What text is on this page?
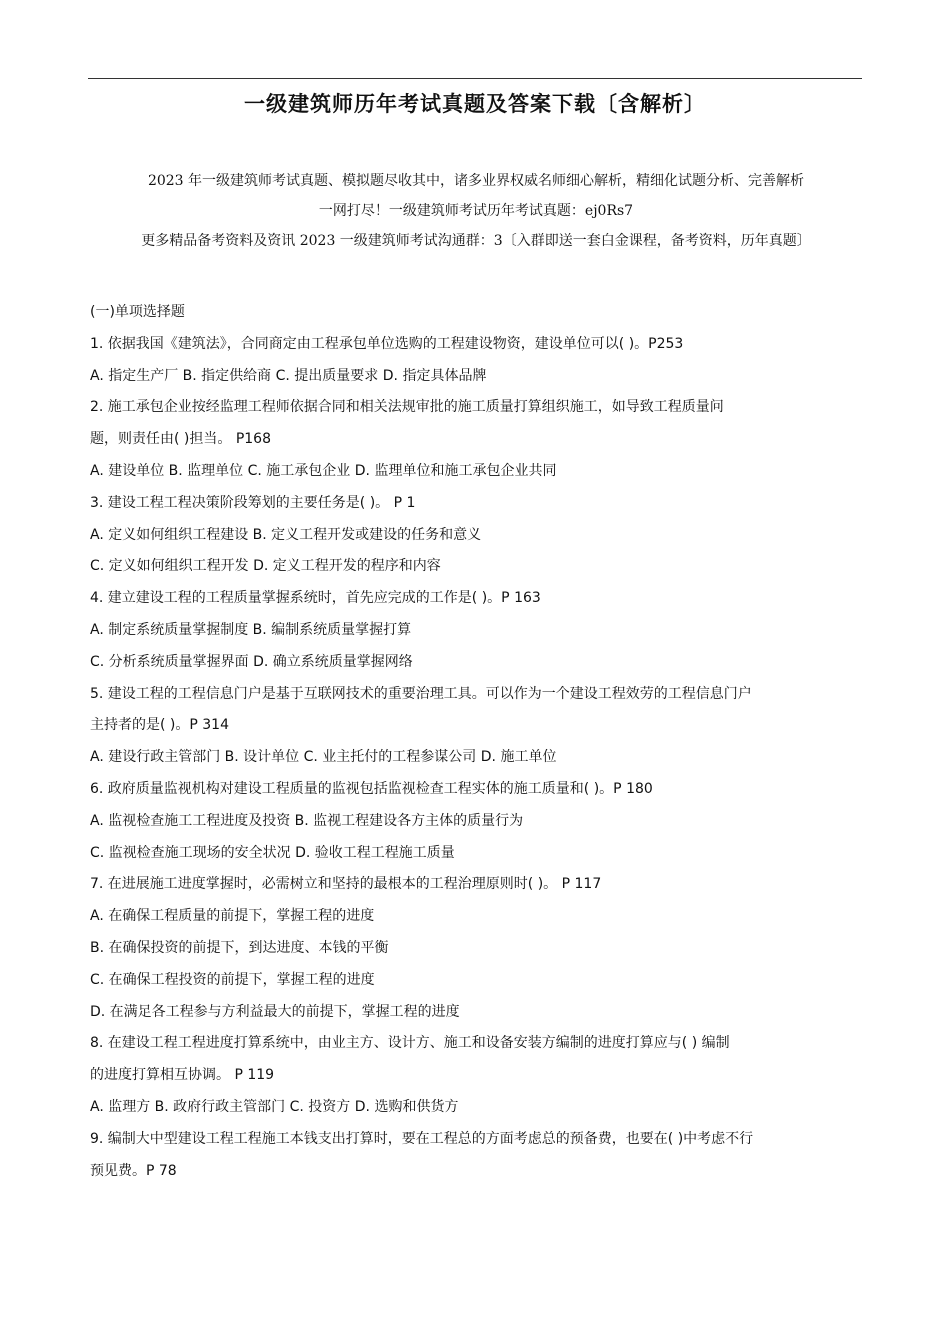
一级建筑师历年考试真题及答案下载〔含解析〕

2023 年一级建筑师考试真题、模拟题尽收其中，诸多业界权威名师细心解析，精细化试题分析、完善解析

一网打尽！一级建筑师考试历年考试真题：ej0Rs7

更多精品备考资料及资讯 2023 一级建筑师考试沟通群：3〔入群即送一套白金课程，备考资料，历年真题〕

(一)单项选择题
1. 依据我国《建筑法》，合同商定由工程承包单位选购的工程建设物资，建设单位可以( )。P253
A. 指定生产厂 B. 指定供给商 C. 提出质量要求 D. 指定具体品牌
2. 施工承包企业按经监理工程师依据合同和相关法规审批的施工质量打算组织施工，如导致工程质量问
题，则责任由( )担当。 P168
A. 建设单位 B. 监理单位 C. 施工承包企业 D. 监理单位和施工承包企业共同
3. 建设工程工程决策阶段筹划的主要任务是( )。 P 1
A. 定义如何组织工程建设 B. 定义工程开发或建设的任务和意义
C. 定义如何组织工程开发 D. 定义工程开发的程序和内容
4. 建立建设工程的工程质量掌握系统时，首先应完成的工作是( )。P 163
A. 制定系统质量掌握制度 B. 编制系统质量掌握打算
C. 分析系统质量掌握界面 D. 确立系统质量掌握网络
5. 建设工程的工程信息门户是基于互联网技术的重要治理工具。可以作为一个建设工程效劳的工程信息门户
主持者的是( )。P 314
A. 建设行政主管部门 B. 设计单位 C. 业主托付的工程参谋公司 D. 施工单位
6. 政府质量监视机构对建设工程质量的监视包括监视检查工程实体的施工质量和( )。P 180
A. 监视检查施工工程进度及投资 B. 监视工程建设各方主体的质量行为
C. 监视检查施工现场的安全状况 D. 验收工程工程施工质量
7. 在进展施工进度掌握时，必需树立和坚持的最根本的工程治理原则时( )。 P 117
A. 在确保工程质量的前提下，掌握工程的进度
B. 在确保投资的前提下，到达进度、本钱的平衡
C. 在确保工程投资的前提下，掌握工程的进度
D. 在满足各工程参与方利益最大的前提下，掌握工程的进度
8. 在建设工程工程进度打算系统中，由业主方、设计方、施工和设备安装方编制的进度打算应与( ) 编制
的进度打算相互协调。 P 119
A. 监理方 B. 政府行政主管部门 C. 投资方 D. 选购和供货方
9. 编制大中型建设工程工程施工本钱支出打算时，要在工程总的方面考虑总的预备费，也要在( )中考虑不行
预见费。P 78
